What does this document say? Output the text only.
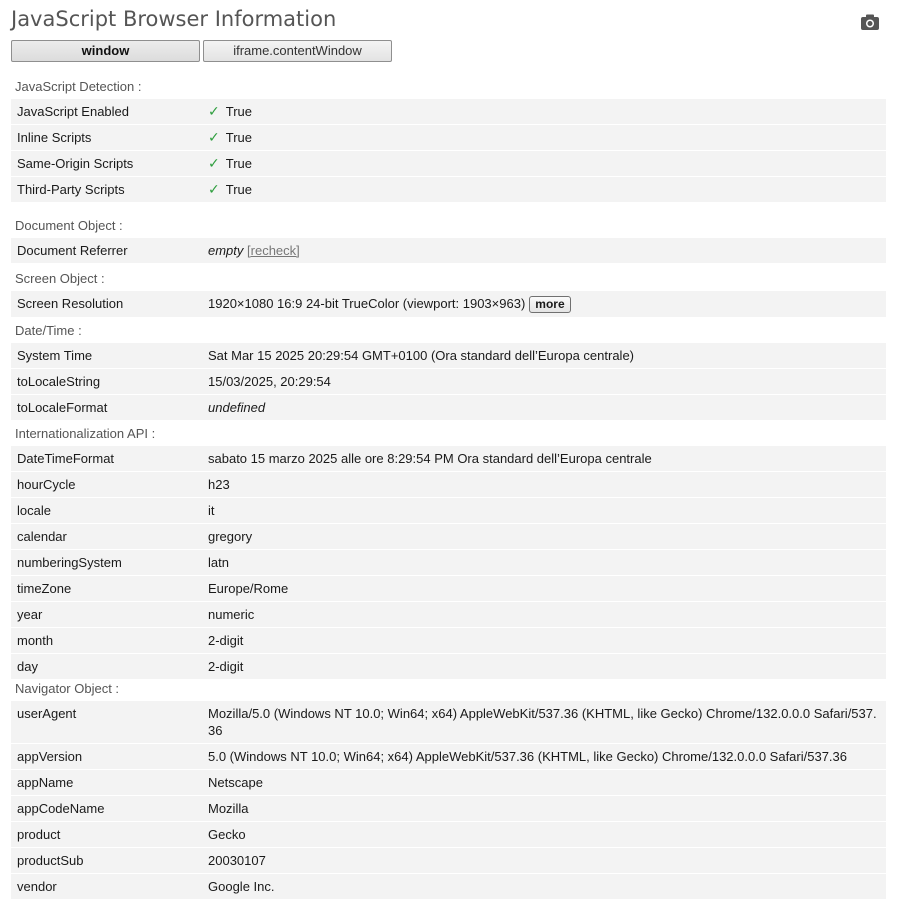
JavaScript Browser Information
window	iframe.contentWindow

JavaScript Detection :

JavaScript Enabled	✓ True
Inline Scripts	✓ True
Same-Origin Scripts	✓ True
Third-Party Scripts	✓ True

Document Object :

Document Referrer	empty [recheck]

Screen Object :

Screen Resolution	1920×1080 16:9 24-bit TrueColor (viewport: 1903×963) more

Date/Time :

System Time	Sat Mar 15 2025 20:29:54 GMT+0100 (Ora standard dell’Europa centrale)
toLocaleString	15/03/2025, 20:29:54
toLocaleFormat	undefined

Internationalization API :

DateTimeFormat	sabato 15 marzo 2025 alle ore 8:29:54 PM Ora standard dell’Europa centrale
hourCycle	h23
locale	it
calendar	gregory
numberingSystem	latn
timeZone	Europe/Rome
year	numeric
month	2-digit
day	2-digit

Navigator Object :

userAgent	Mozilla/5.0 (Windows NT 10.0; Win64; x64) AppleWebKit/537.36 (KHTML, like Gecko) Chrome/132.0.0.0 Safari/537.36
appVersion	5.0 (Windows NT 10.0; Win64; x64) AppleWebKit/537.36 (KHTML, like Gecko) Chrome/132.0.0.0 Safari/537.36
appName	Netscape
appCodeName	Mozilla
product	Gecko
productSub	20030107
vendor	Google Inc.
